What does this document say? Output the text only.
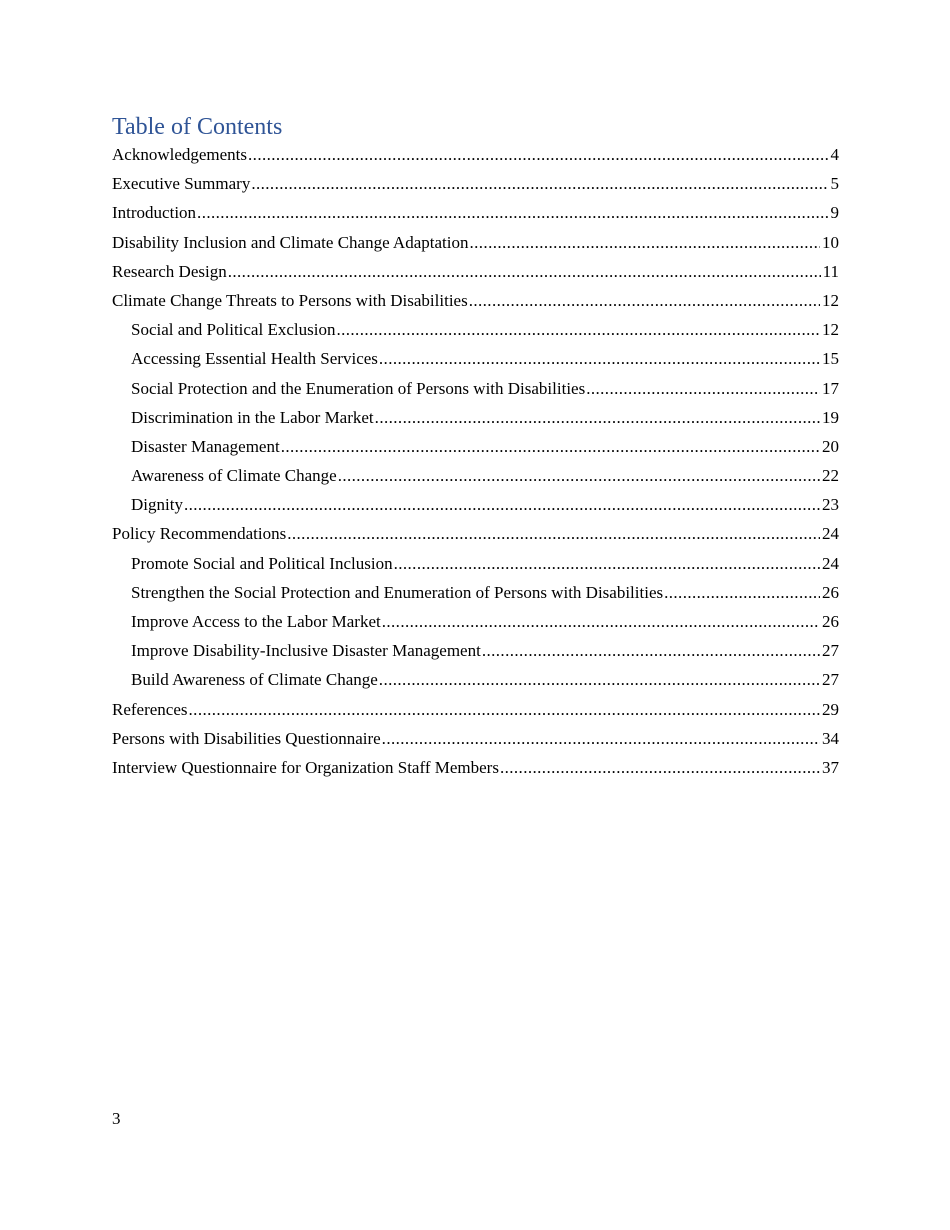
Table of Contents
Acknowledgements .....	4
Executive Summary .....	5
Introduction .....	9
Disability Inclusion and Climate Change Adaptation .....	10
Research Design .....	11
Climate Change Threats to Persons with Disabilities .....	12
Social and Political Exclusion .....	12
Accessing Essential Health Services .....	15
Social Protection and the Enumeration of Persons with Disabilities .....	17
Discrimination in the Labor Market .....	19
Disaster Management .....	20
Awareness of Climate Change .....	22
Dignity .....	23
Policy Recommendations .....	24
Promote Social and Political Inclusion .....	24
Strengthen the Social Protection and Enumeration of Persons with Disabilities .....	26
Improve Access to the Labor Market .....	26
Improve Disability-Inclusive Disaster Management .....	27
Build Awareness of Climate Change .....	27
References .....	29
Persons with Disabilities Questionnaire .....	34
Interview Questionnaire for Organization Staff Members .....	37
3
